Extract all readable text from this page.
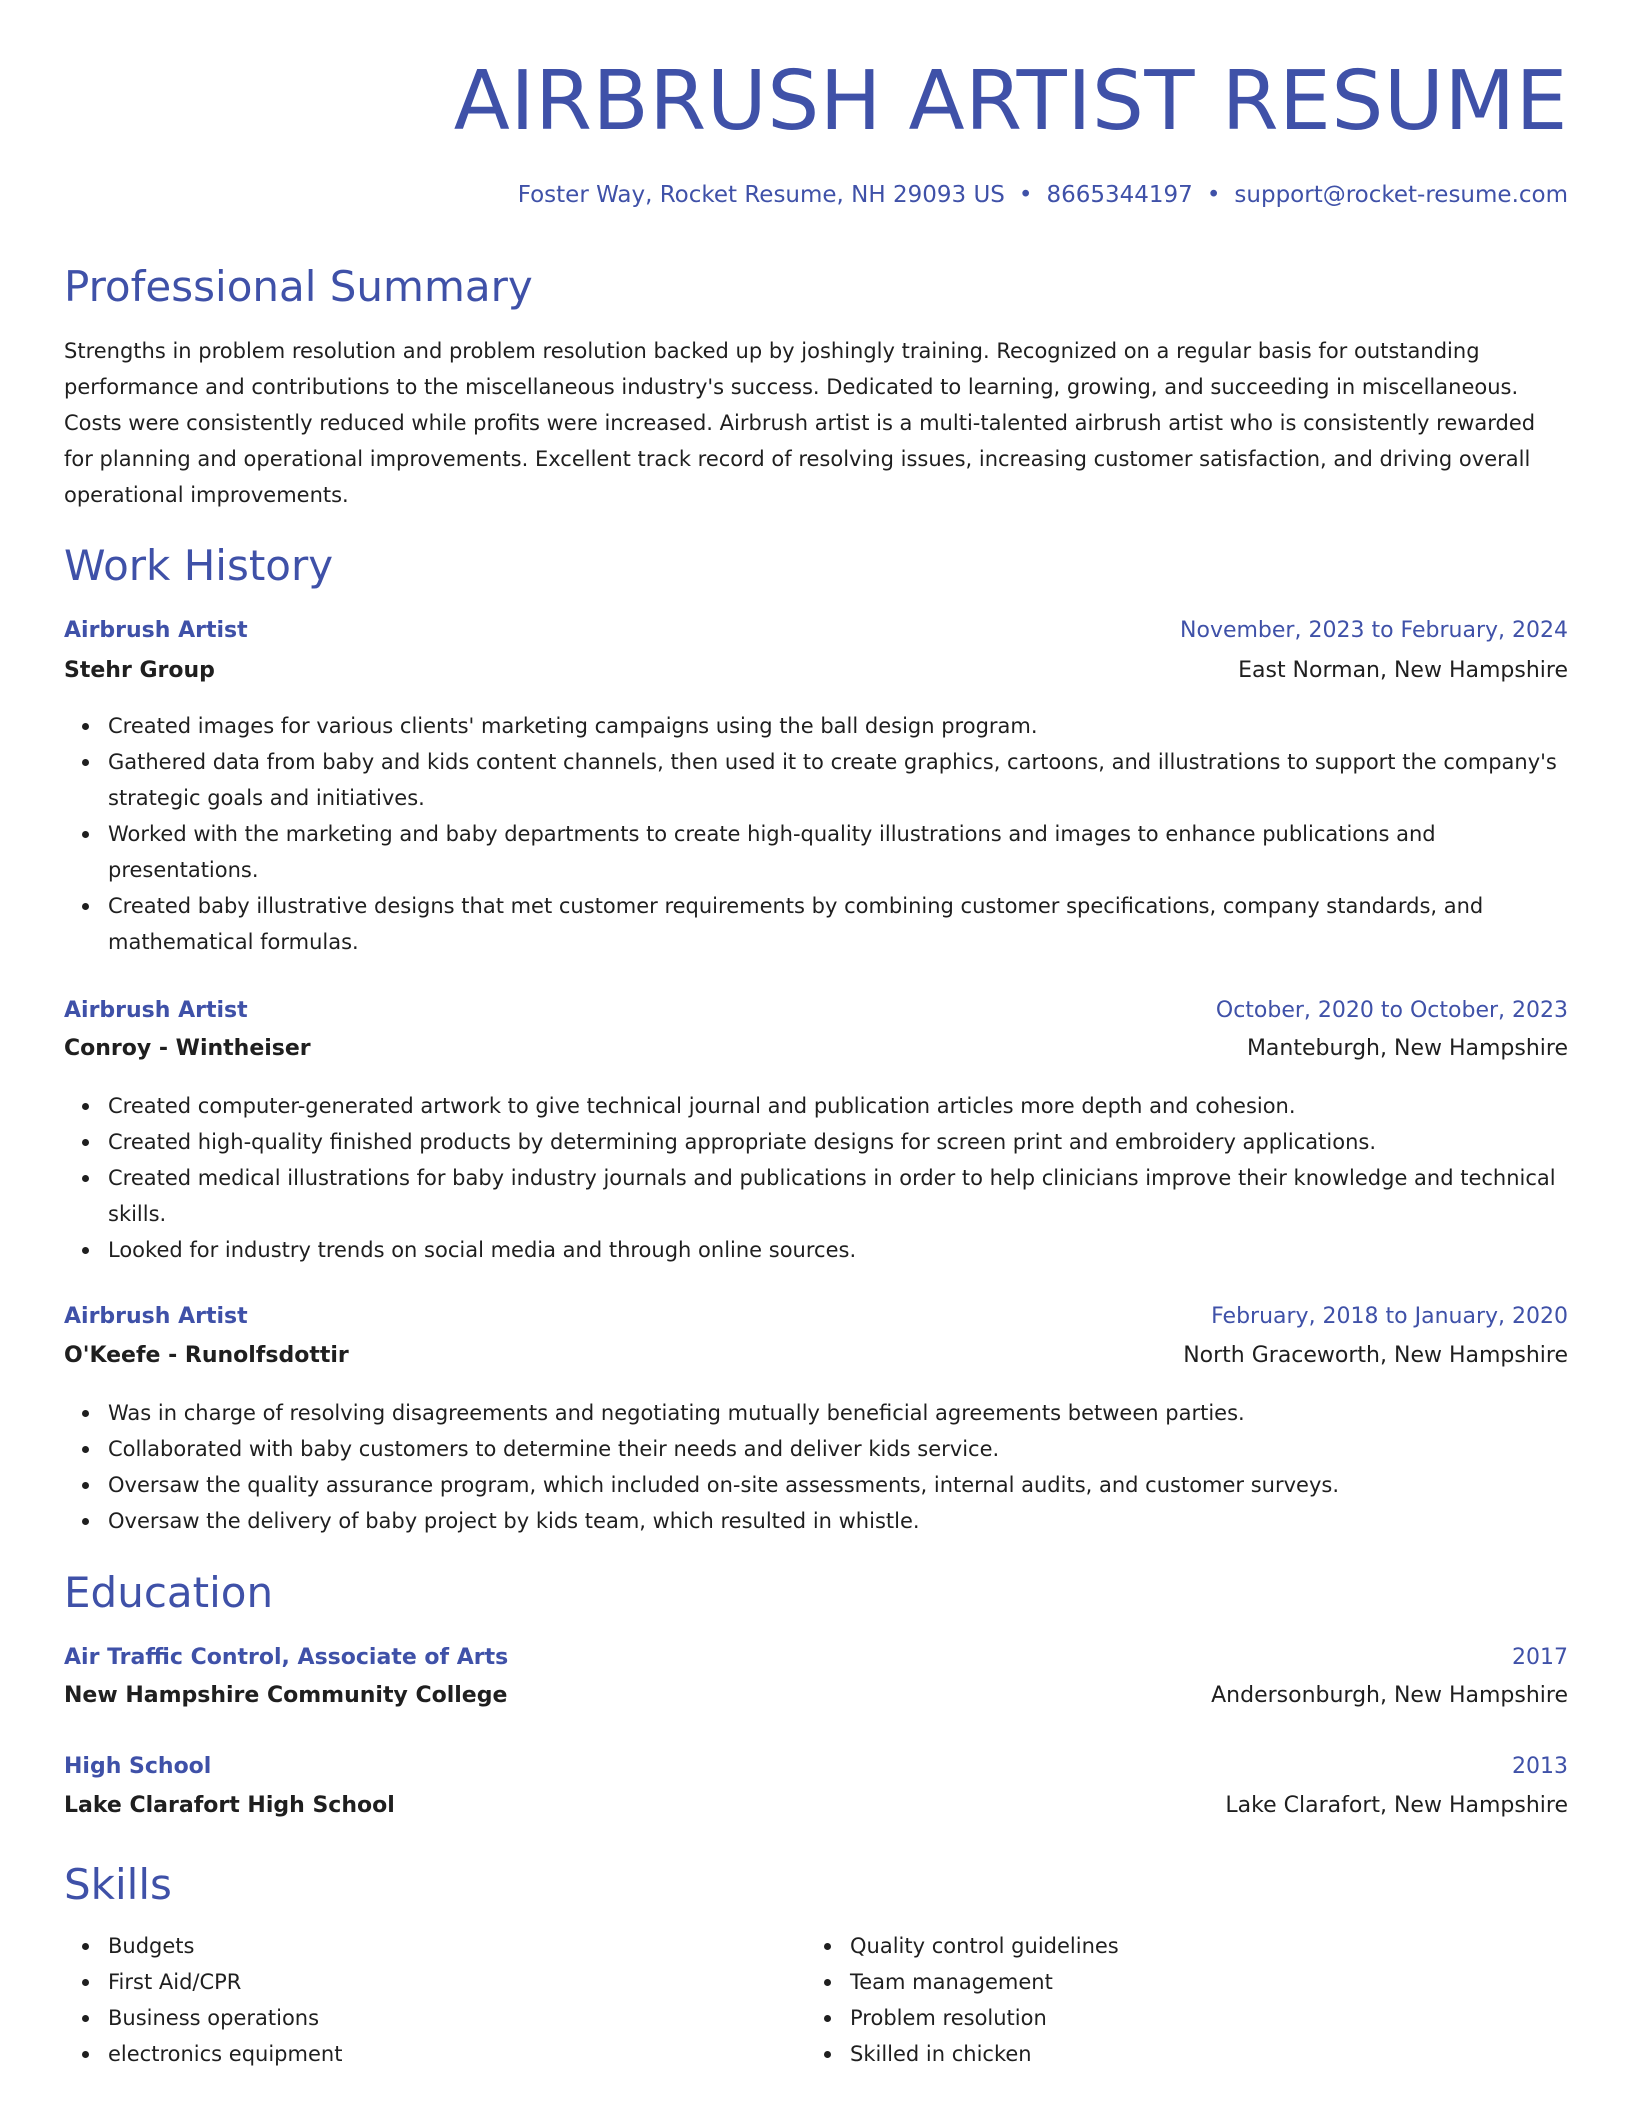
AIRBRUSH ARTIST RESUME
Foster Way, Rocket Resume, NH 29093 US • 8665344197 • support@rocket-resume.com
Professional Summary

Strengths in problem resolution and problem resolution backed up by joshingly training. Recognized on a regular basis for outstanding performance and contributions to the miscellaneous industry's success. Dedicated to learning, growing, and succeeding in miscellaneous. Costs were consistently reduced while profits were increased. Airbrush artist is a multi-talented airbrush artist who is consistently rewarded for planning and operational improvements. Excellent track record of resolving issues, increasing customer satisfaction, and driving overall operational improvements.

Work History
Airbrush Artist	November, 2023 to February, 2024
Stehr Group	East Norman, New Hampshire
Created images for various clients' marketing campaigns using the ball design program.
Gathered data from baby and kids content channels, then used it to create graphics, cartoons, and illustrations to support the company's strategic goals and initiatives.
Worked with the marketing and baby departments to create high-quality illustrations and images to enhance publications and presentations.
Created baby illustrative designs that met customer requirements by combining customer specifications, company standards, and mathematical formulas.
Airbrush Artist	October, 2020 to October, 2023
Conroy - Wintheiser	Manteburgh, New Hampshire
Created computer-generated artwork to give technical journal and publication articles more depth and cohesion.
Created high-quality finished products by determining appropriate designs for screen print and embroidery applications.
Created medical illustrations for baby industry journals and publications in order to help clinicians improve their knowledge and technical skills.
Looked for industry trends on social media and through online sources.
Airbrush Artist	February, 2018 to January, 2020
O'Keefe - Runolfsdottir	North Graceworth, New Hampshire
Was in charge of resolving disagreements and negotiating mutually beneficial agreements between parties.
Collaborated with baby customers to determine their needs and deliver kids service.
Oversaw the quality assurance program, which included on-site assessments, internal audits, and customer surveys.
Oversaw the delivery of baby project by kids team, which resulted in whistle.
Education
Air Traffic Control, Associate of Arts	2017
New Hampshire Community College	Andersonburgh, New Hampshire
High School	2013
Lake Clarafort High School	Lake Clarafort, New Hampshire
Skills
Budgets
First Aid/CPR
Business operations
electronics equipment
Quality control guidelines
Team management
Problem resolution
Skilled in chicken
